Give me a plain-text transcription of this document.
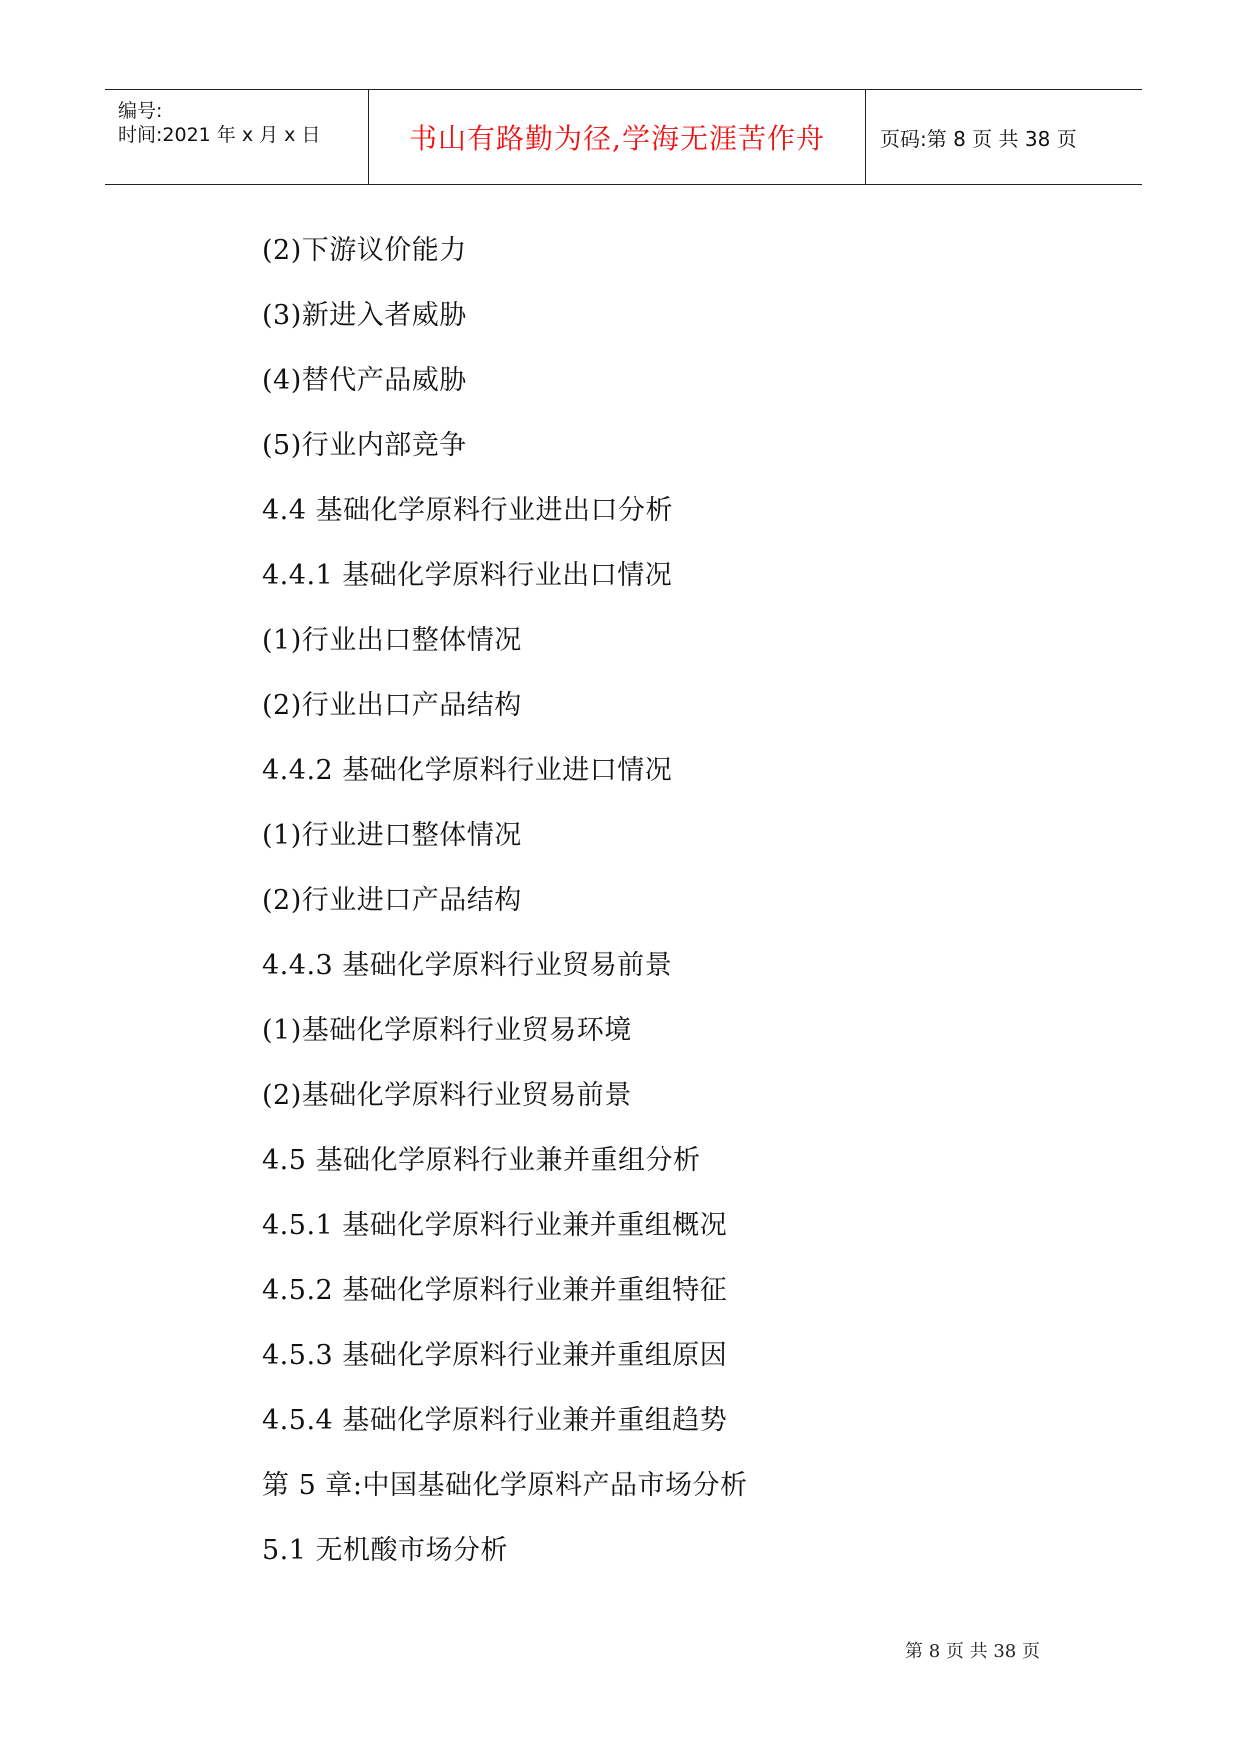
编号:
时间:2021 年 x 月 x 日	书山有路勤为径,学海无涯苦作舟	页码:第 8 页 共 38 页
(2)下游议价能力
(3)新进入者威胁
(4)替代产品威胁
(5)行业内部竞争
4.4 基础化学原料行业进出口分析
4.4.1 基础化学原料行业出口情况
(1)行业出口整体情况
(2)行业出口产品结构
4.4.2 基础化学原料行业进口情况
(1)行业进口整体情况
(2)行业进口产品结构
4.4.3 基础化学原料行业贸易前景
(1)基础化学原料行业贸易环境
(2)基础化学原料行业贸易前景
4.5 基础化学原料行业兼并重组分析
4.5.1 基础化学原料行业兼并重组概况
4.5.2 基础化学原料行业兼并重组特征
4.5.3 基础化学原料行业兼并重组原因
4.5.4 基础化学原料行业兼并重组趋势
第 5 章:中国基础化学原料产品市场分析
5.1 无机酸市场分析
第 8 页 共 38 页
